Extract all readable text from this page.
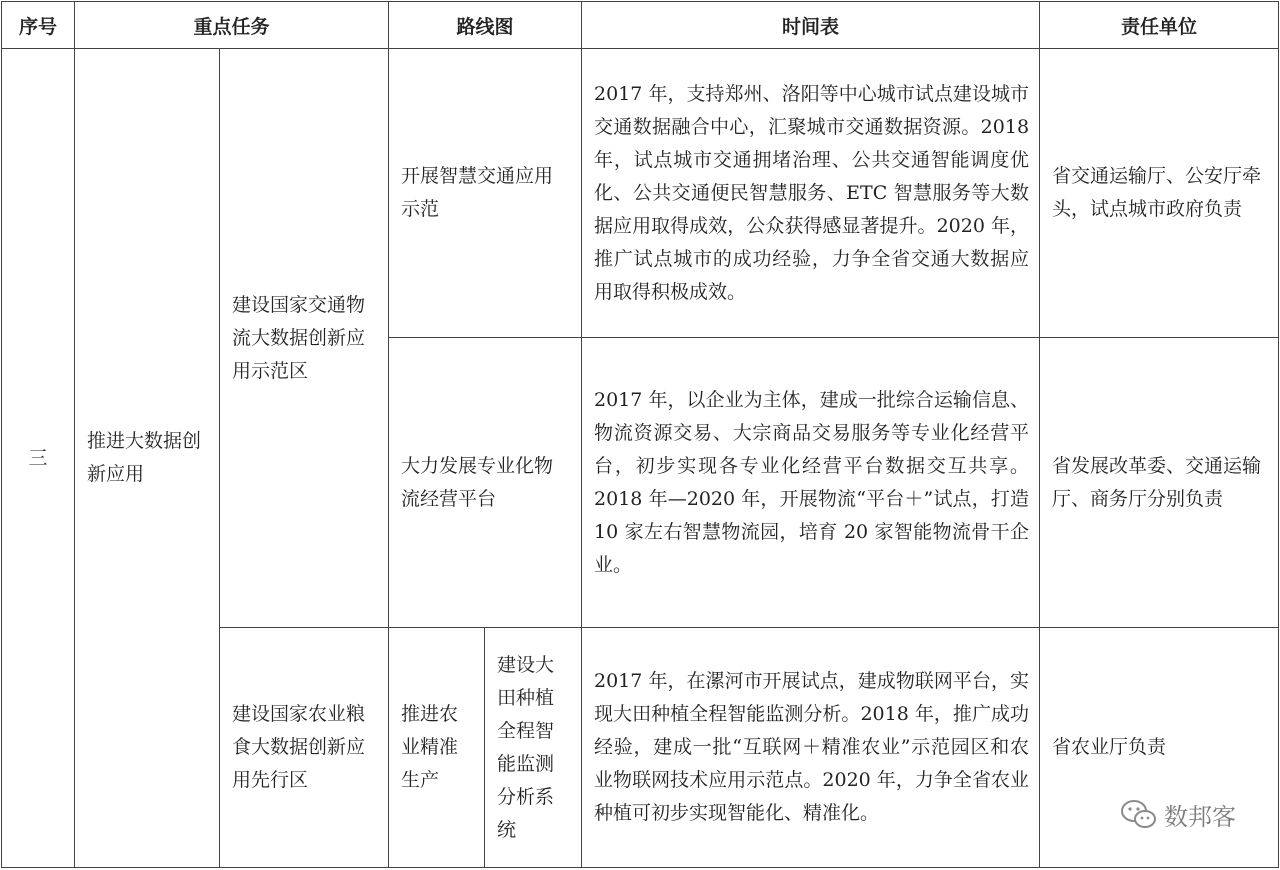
序号	重点任务		路线图		时间表	责任单位
三	推进大数据创新应用	建设国家交通物流大数据创新应用示范区	开展智慧交通应用示范		2017 年，支持郑州、洛阳等中心城市试点建设城市交通数据融合中心，汇聚城市交通数据资源。2018 年，试点城市交通拥堵治理、公共交通智能调度优化、公共交通便民智慧服务、ETC 智慧服务等大数据应用取得成效，公众获得感显著提升。2020 年，推广试点城市的成功经验，力争全省交通大数据应用取得积极成效。	省交通运输厅、公安厅牵头，试点城市政府负责
			大力发展专业化物流经营平台		2017 年，以企业为主体，建成一批综合运输信息、物流资源交易、大宗商品交易服务等专业化经营平台，初步实现各专业化经营平台数据交互共享。2018 年—2020 年，开展物流“平台＋”试点，打造 10 家左右智慧物流园，培育 20 家智能物流骨干企业。	省发展改革委、交通运输厅、商务厅分别负责
		建设国家农业粮食大数据创新应用先行区	推进农业精准生产	建设大田种植全程智能监测分析系统	2017 年，在漯河市开展试点，建成物联网平台，实现大田种植全程智能监测分析。2018 年，推广成功经验，建成一批“互联网＋精准农业”示范园区和农业物联网技术应用示范点。2020 年，力争全省农业种植可初步实现智能化、精准化。	省农业厅负责
数邦客
